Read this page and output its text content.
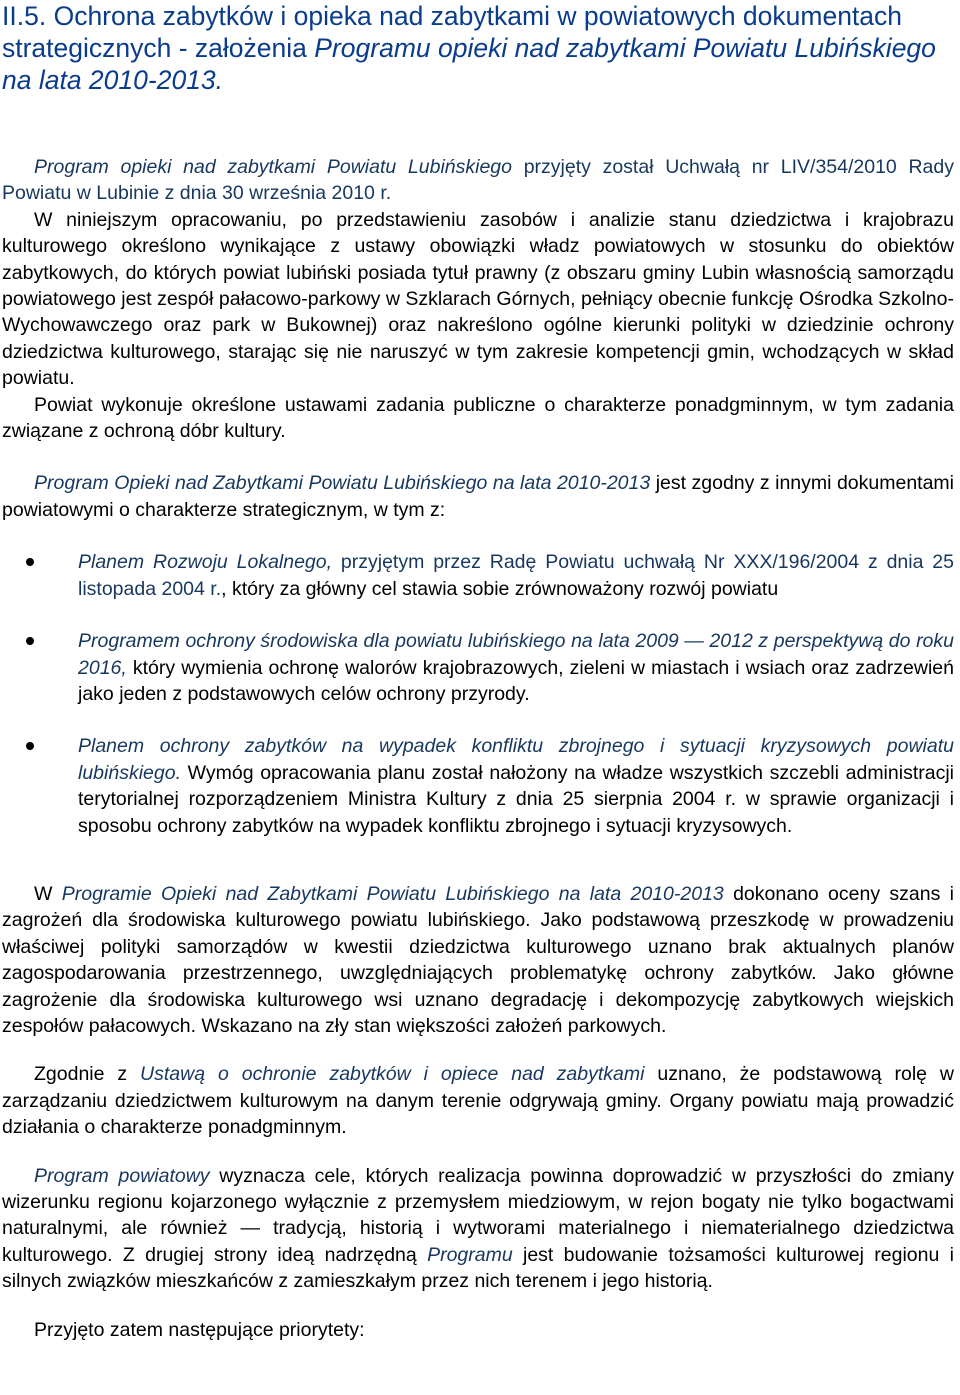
II.5. Ochrona zabytków i opieka nad zabytkami w powiatowych dokumentach strategicznych - założenia Programu opieki nad zabytkami Powiatu Lubińskiego na lata 2010-2013.

Program opieki nad zabytkami Powiatu Lubińskiego przyjęty został Uchwałą nr LIV/354/2010 Rady Powiatu w Lubinie z dnia 30 września 2010 r.

W niniejszym opracowaniu, po przedstawieniu zasobów i analizie stanu dziedzictwa i krajobrazu kulturowego określono wynikające z ustawy obowiązki władz powiatowych w stosunku do obiektów zabytkowych, do których powiat lubiński posiada tytuł prawny (z obszaru gminy Lubin własnością samorządu powiatowego jest zespół pałacowo-parkowy w Szklarach Górnych, pełniący obecnie funkcję Ośrodka Szkolno-Wychowawczego oraz park w Bukownej) oraz nakreślono ogólne kierunki polityki w dziedzinie ochrony dziedzictwa kulturowego, starając się nie naruszyć w tym zakresie kompetencji gmin, wchodzących w skład powiatu.

Powiat wykonuje określone ustawami zadania publiczne o charakterze ponadgminnym, w tym zadania związane z ochroną dóbr kultury.

Program Opieki nad Zabytkami Powiatu Lubińskiego na lata 2010-2013 jest zgodny z innymi dokumentami powiatowymi o charakterze strategicznym, w tym z:

Planem Rozwoju Lokalnego, przyjętym przez Radę Powiatu uchwałą Nr XXX/196/2004 z dnia 25 listopada 2004 r., który za główny cel stawia sobie zrównoważony rozwój powiatu
Programem ochrony środowiska dla powiatu lubińskiego na lata 2009 ― 2012 z perspektywą do roku 2016, który wymienia ochronę walorów krajobrazowych, zieleni w miastach i wsiach oraz zadrzewień jako jeden z podstawowych celów ochrony przyrody.
Planem ochrony zabytków na wypadek konfliktu zbrojnego i sytuacji kryzysowych powiatu lubińskiego. Wymóg opracowania planu został nałożony na władze wszystkich szczebli administracji terytorialnej rozporządzeniem Ministra Kultury z dnia 25 sierpnia 2004 r. w sprawie organizacji i sposobu ochrony zabytków na wypadek konfliktu zbrojnego i sytuacji kryzysowych.

W Programie Opieki nad Zabytkami Powiatu Lubińskiego na lata 2010-2013 dokonano oceny szans i zagrożeń dla środowiska kulturowego powiatu lubińskiego. Jako podstawową przeszkodę w prowadzeniu właściwej polityki samorządów w kwestii dziedzictwa kulturowego uznano brak aktualnych planów zagospodarowania przestrzennego, uwzględniających problematykę ochrony zabytków. Jako główne zagrożenie dla środowiska kulturowego wsi uznano degradację i dekompozycję zabytkowych wiejskich zespołów pałacowych. Wskazano na zły stan większości założeń parkowych.

Zgodnie z Ustawą o ochronie zabytków i opiece nad zabytkami uznano, że podstawową rolę w zarządzaniu dziedzictwem kulturowym na danym terenie odgrywają gminy. Organy powiatu mają prowadzić działania o charakterze ponadgminnym.

Program powiatowy wyznacza cele, których realizacja powinna doprowadzić w przyszłości do zmiany wizerunku regionu kojarzonego wyłącznie z przemysłem miedziowym, w rejon bogaty nie tylko bogactwami naturalnymi, ale również ― tradycją, historią i wytworami materialnego i niematerialnego dziedzictwa kulturowego. Z drugiej strony ideą nadrzędną Programu jest budowanie tożsamości kulturowej regionu i silnych związków mieszkańców z zamieszkałym przez nich terenem i jego historią.

Przyjęto zatem następujące priorytety:
